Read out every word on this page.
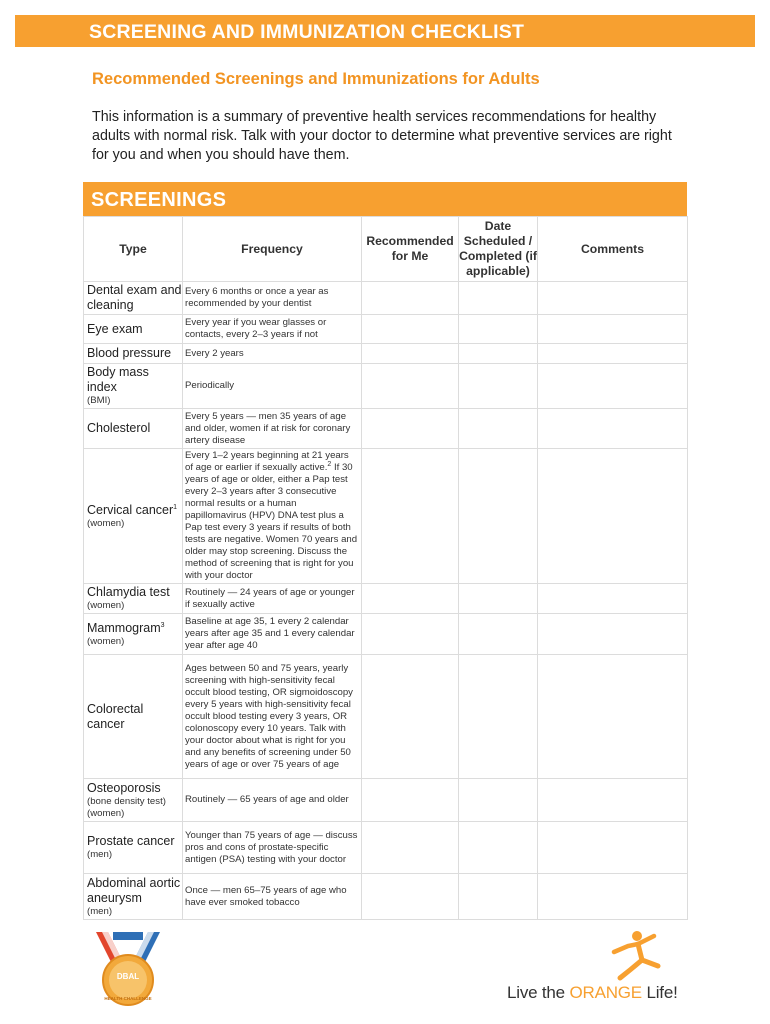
SCREENING AND IMMUNIZATION CHECKLIST
Recommended Screenings and Immunizations for Adults
This information is a summary of preventive health services recommendations for healthy adults with normal risk. Talk with your doctor to determine what preventive services are right for you and when you should have them.
SCREENINGS
Type	Frequency	Recommended for Me	Date Scheduled / Completed (if applicable)	Comments
Dental exam and cleaning	Every 6 months or once a year as recommended by your dentist			
Eye exam	Every year if you wear glasses or contacts, every 2–3 years if not			
Blood pressure	Every 2 years			
Body mass index
(BMI)	Periodically			
Cholesterol	Every 5 years — men 35 years of age and older, women if at risk for coronary artery disease			
Cervical cancer$^1$
(women)	Every 1–2 years beginning at 21 years of age or earlier if sexually active.$^2$ If 30 years of age or older, either a Pap test every 2–3 years after 3 consecutive normal results or a human papillomavirus (HPV) DNA test plus a Pap test every 3 years if results of both tests are negative. Women 70 years and older may stop screening. Discuss the method of screening that is right for you with your doctor			
Chlamydia test
(women)	Routinely — 24 years of age or younger if sexually active			
Mammogram$^3$
(women)	Baseline at age 35, 1 every 2 calendar years after age 35 and 1 every calendar year after age 40			
Colorectal cancer	Ages between 50 and 75 years, yearly screening with high-sensitivity fecal occult blood testing, OR sigmoidoscopy every 5 years with high-sensitivity fecal occult blood testing every 3 years, OR colonoscopy every 10 years. Talk with your doctor about what is right for you and any benefits of screening under 50 years of age or over 75 years of age			
Osteoporosis
(bone density test) (women)	Routinely — 65 years of age and older			
Prostate cancer
(men)	Younger than 75 years of age — discuss pros and cons of prostate-specific antigen (PSA) testing with your doctor			
Abdominal aortic aneurysm
(men)	Once — men 65–75 years of age who have ever smoked tobacco			
DBAL
HEALTH CHALLENGE	Live the ORANGE Life!
